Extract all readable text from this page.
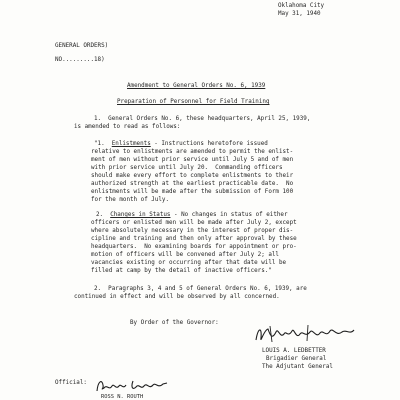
Oklahoma City
May 31, 1940
GENERAL ORDERS)
NO.........18)
Amendment to General Orders No. 6, 1939
Preparation of Personnel for Field Training
1.  General Orders No. 6, these headquarters, April 25, 1939,
is amended to read as follows:
"1.  Enlistments - Instructions heretofore issued
relative to enlistments are amended to permit the enlist-
ment of men without prior service until July 5 and of men
with prior service until July 20.  Commanding officers
should make every effort to complete enlistments to their
authorized strength at the earliest practicable date.  No
enlistments will be made after the submission of Form 100
for the month of July.
2.  Changes in Status - No changes in status of either
officers or enlisted men will be made after July 2, except
where absolutely necessary in the interest of proper dis-
cipline and training and then only after approval by these
headquarters.  No examining boards for appointment or pro-
motion of officers will be convened after July 2; all
vacancies existing or occurring after that date will be
filled at camp by the detail of inactive officers."
2.  Paragraphs 3, 4 and 5 of General Orders No. 6, 1939, are
continued in effect and will be observed by all concerned.
By Order of the Governor:
LOUIS A. LEDBETTER
Brigadier General
The Adjutant General
Official:
ROSS N. ROUTH
